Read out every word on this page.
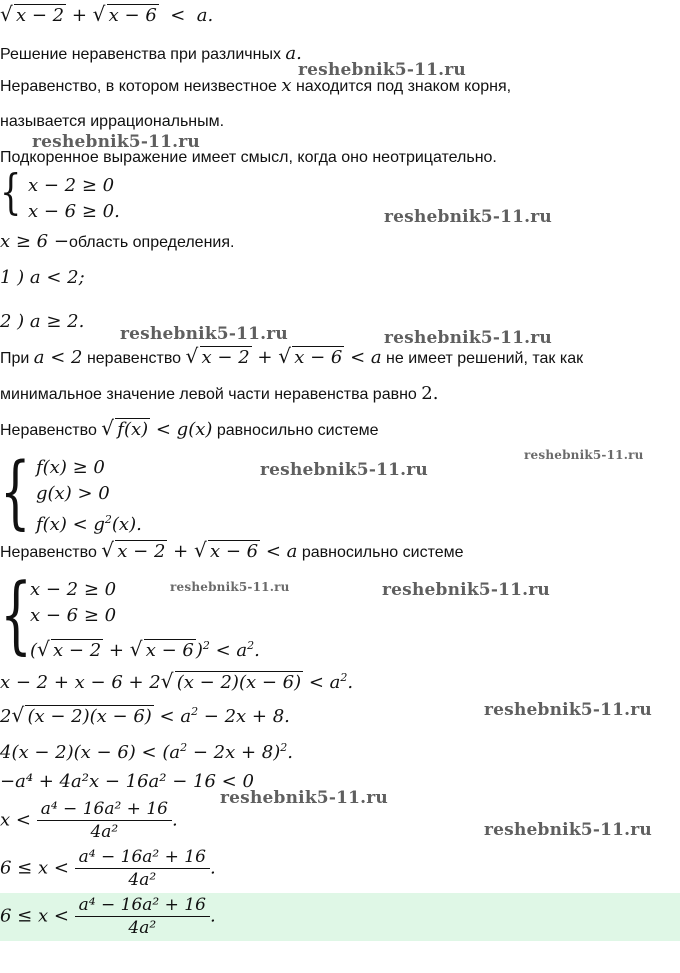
√ x − 2 + √ x − 6  <  a.
Решение неравенства при различных a.
Неравенство, в котором неизвестное x находится под знаком корня,
называется иррациональным.
Подкоренное выражение имеет смысл, когда оно неотрицательно.
{ x − 2 ≥ 0
x − 6 ≥ 0.
x ≥ 6 −область определения.
1 ) a < 2;
2 ) a ≥ 2.
При a < 2 неравенство √ x − 2 + √ x − 6 < a не имеет решений, так как
минимальное значение левой части неравенства равно 2.
Неравенство √ f(x) < g(x) равносильно системе
{ f(x) ≥ 0
g(x) > 0
$f(x) < g^2(x)$.
Неравенство √ x − 2 + √ x − 6 < a равносильно системе
{
x − 2 ≥ 0
x − 6 ≥ 0
( √ x − 2 + √ x − 6 )$^2 < a^2$.
x − 2 + x − 6 + 2 √ $(x - 2)(x - 6) < a^2$.
2 √ $(x - 2)(x - 6) < a^2 - 2x + 8$.
$4(x - 2)(x - 6) < (a^2 - 2x + 8)^2$.
−a⁴ + 4a²x − 16a² − 16 < 0
$x < \frac{\text{a⁴ − 16a² + 16}}{\text{4a²}}$ .
$6 \le x < \frac{\text{a⁴ − 16a² + 16}}{\text{4a²}}$ .
$6 \le x < \frac{\text{a⁴ − 16a² + 16}}{\text{4a²}}$ .
reshebnik5-11.ru
reshebnik5-11.ru
reshebnik5-11.ru
reshebnik5-11.ru	reshebnik5-11.ru
reshebnik5-11.ru
reshebnik5-11.ru
reshebnik5-11.ru	reshebnik5-11.ru
reshebnik5-11.ru
reshebnik5-11.ru
reshebnik5-11.ru
